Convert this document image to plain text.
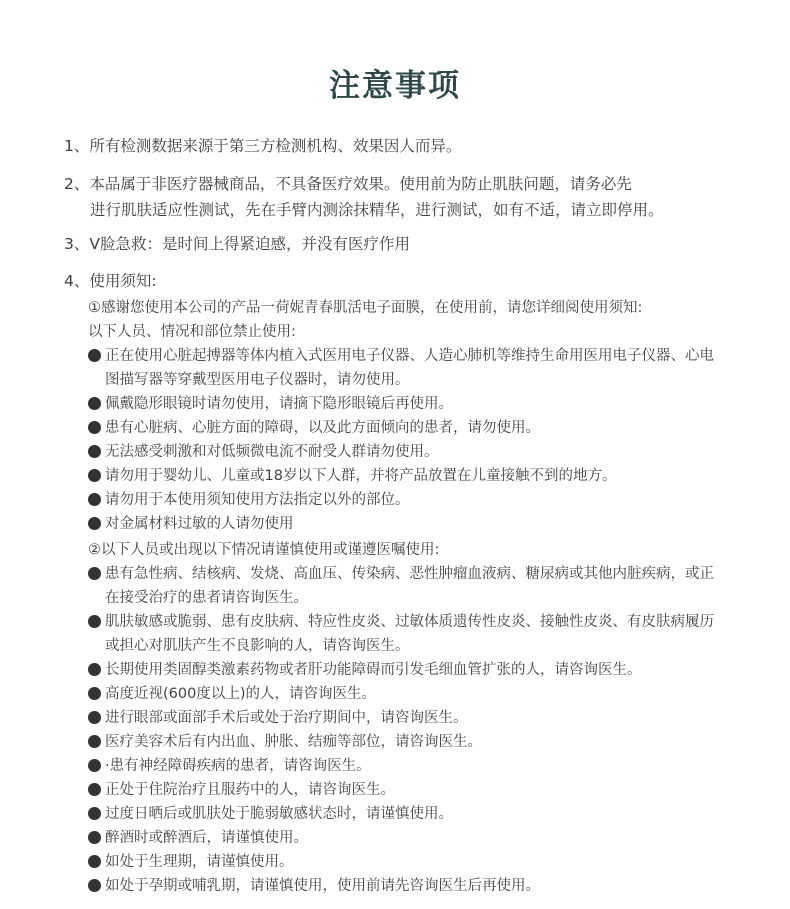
注意事项
1、所有检测数据来源于第三方检测机构、效果因人而异。
2、本品属于非医疗器械商品，不具备医疗效果。使用前为防止肌肤问题，请务必先
进行肌肤适应性测试，先在手臂内测涂抹精华，进行测试，如有不适，请立即停用。
3、V脸急救：是时间上得紧迫感，并没有医疗作用
4、使用须知:
①感谢您使用本公司的产品一荷妮青春肌活电子面膜，在使用前，请您详细阅使用须知:
以下人员、情况和部位禁止使用:
正在使用心脏起搏器等体内植入式医用电子仪器、人造心肺机等维持生命用医用电子仪器、心电图描写器等穿戴型医用电子仪器时，请勿使用。
佩戴隐形眼镜时请勿使用，请摘下隐形眼镜后再使用。
患有心脏病、心脏方面的障碍，以及此方面倾向的患者，请勿使用。
无法感受刺激和对低频微电流不耐受人群请勿使用。
请勿用于婴幼儿、儿童或18岁以下人群，并将产品放置在儿童接触不到的地方。
请勿用于本使用须知使用方法指定以外的部位。
对金属材料过敏的人请勿使用
②以下人员或出现以下情况请谨慎使用或谨遵医嘱使用:
患有急性病、结核病、发烧、高血压、传染病、恶性肿瘤血液病、糖尿病或其他内脏疾病，或正在接受治疗的患者请咨询医生。
肌肤敏感或脆弱、患有皮肤病、特应性皮炎、过敏体质遗传性皮炎、接触性皮炎、有皮肤病履历或担心对肌肤产生不良影响的人，请咨询医生。
长期使用类固醇类激素药物或者肝功能障碍而引发毛细血管扩张的人，请咨询医生。
高度近视(600度以上)的人，请咨询医生。
进行眼部或面部手术后或处于治疗期间中，请咨询医生。
医疗美容术后有内出血、肿胀、结痂等部位，请咨询医生。
·患有神经障碍疾病的患者，请咨询医生。
正处于住院治疗且服药中的人，请咨询医生。
过度日晒后或肌肤处于脆弱敏感状态时，请谨慎使用。
醉酒时或醉酒后，请谨慎使用。
如处于生理期，请谨慎使用。
如处于孕期或哺乳期，请谨慎使用，使用前请先咨询医生后再使用。
